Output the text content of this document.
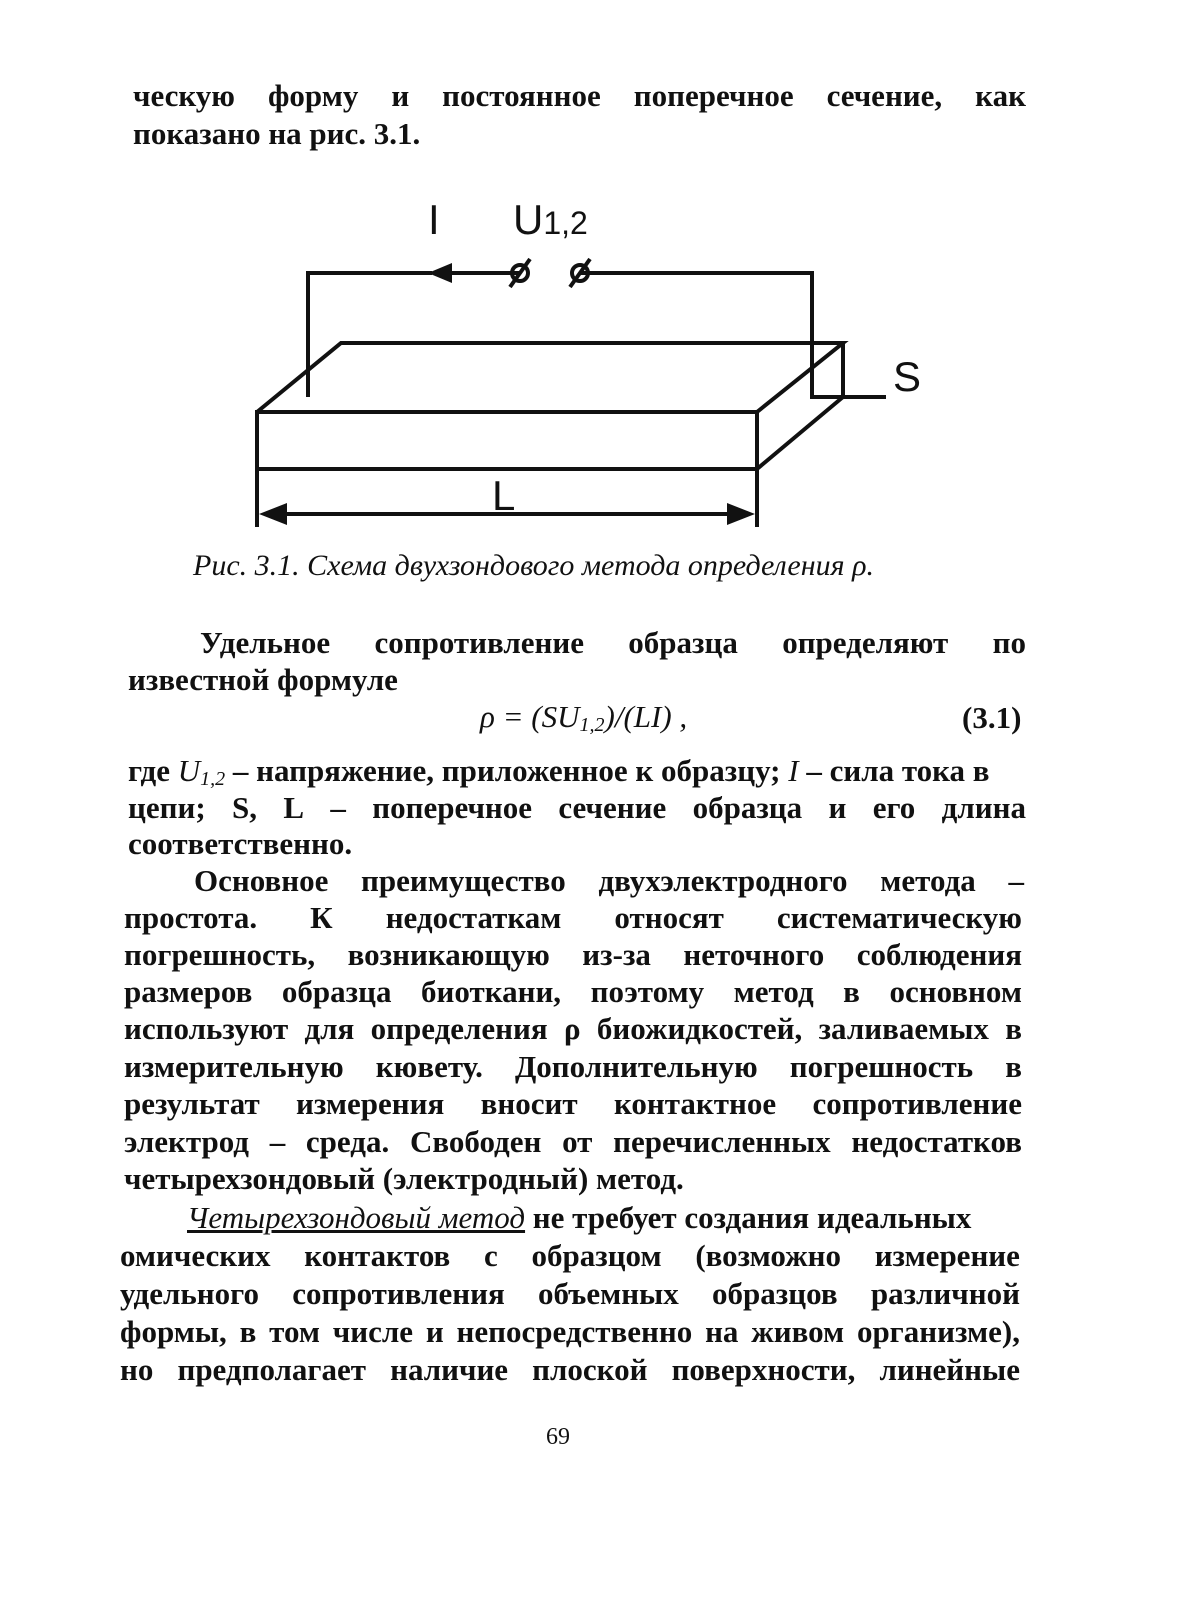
ческую форму и постоянное поперечное сечение, как
показано на рис. 3.1.
I U1,2
S
L
Рис. 3.1. Схема двухзондового метода определения ρ.
Удельное сопротивление образца определяют по
известной формуле
$\rho = (SU_{1,2})/(LI)$ ,	(3.1)
где $U_{1,2}$ – напряжение, приложенное к образцу; I – сила тока в
цепи; S, L – поперечное сечение образца и его длина
соответственно.
Основное преимущество двухэлектродного метода –
простота. К недостаткам относят систематическую
погрешность, возникающую из-за неточного соблюдения
размеров образца биоткани, поэтому метод в основном
используют для определения ρ биожидкостей, заливаемых в
измерительную кювету. Дополнительную погрешность в
результат измерения вносит контактное сопротивление
электрод – среда. Свободен от перечисленных недостатков
четырехзондовый (электродный) метод.
Четырехзондовый метод не требует создания идеальных
омических контактов с образцом (возможно измерение
удельного сопротивления объемных образцов различной
формы, в том числе и непосредственно на живом организме),
но предполагает наличие плоской поверхности, линейные
69
